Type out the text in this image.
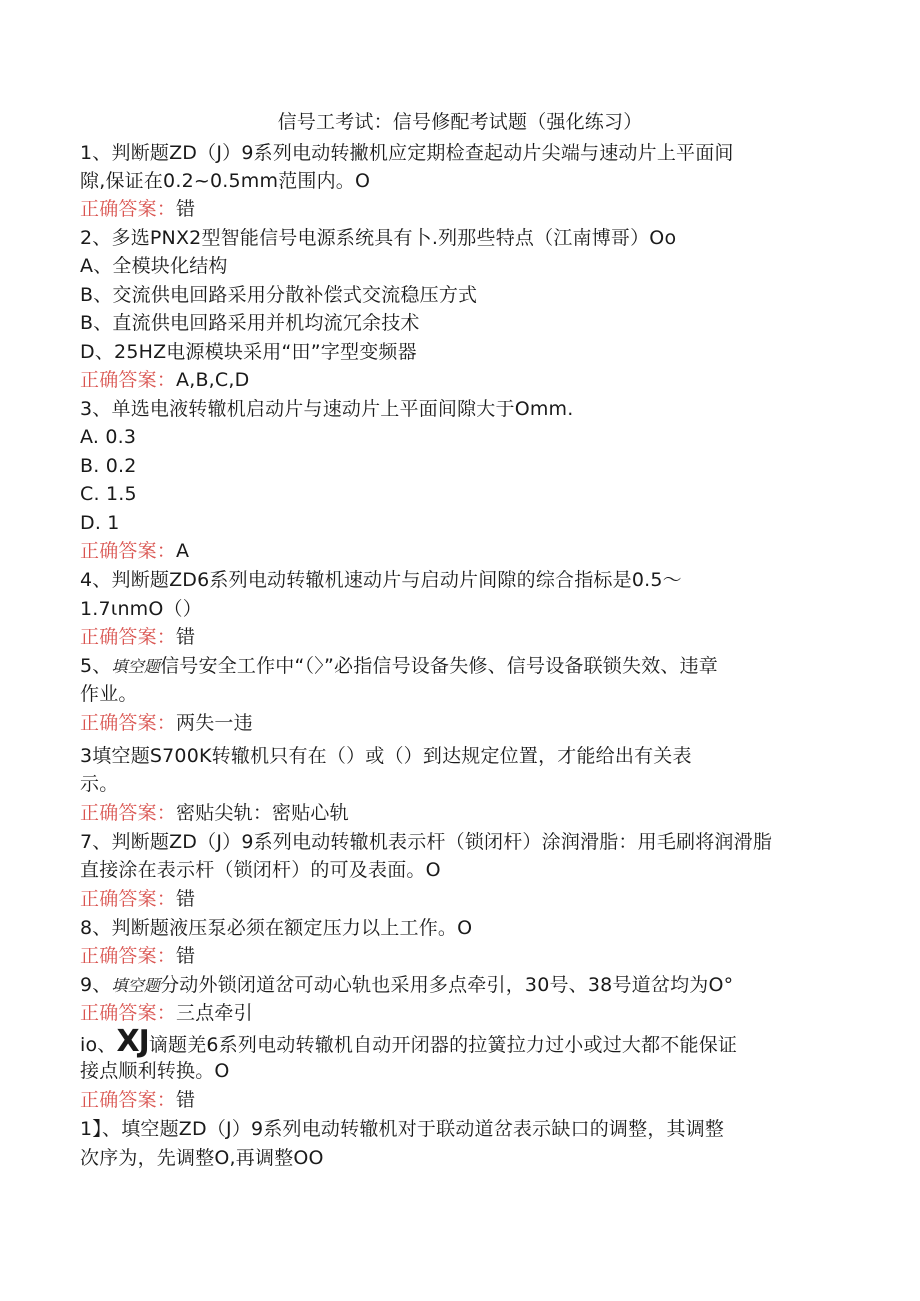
信号工考试：信号修配考试题（强化练习）
1、判断题ZD（J）9系列电动转撇机应定期检查起动片尖端与速动片上平面间
隙,保证在0.2~0.5mm范围内。O
正确答案：错
2、多选PNX2型智能信号电源系统具有卜.列那些特点（江南博哥）Oo
A、全模块化结构
B、交流供电回路采用分散补偿式交流稳压方式
B、直流供电回路采用并机均流冗余技术
D、25HZ电源模块采用“田”字型变频器
正确答案：A,B,C,D
3、单选电液转辙机启动片与速动片上平面间隙大于Omm.
A. 0.3
B. 0.2
C. 1.5
D. 1
正确答案：A
4、判断题ZD6系列电动转辙机速动片与启动片间隙的综合指标是0.5〜
1.7ιnmO（）
正确答案：错
5、填空题信号安全工作中“（〉”必指信号设备失修、信号设备联锁失效、违章
作业。
正确答案：两失一违
3填空题S700K转辙机只有在（）或（）到达规定位置，才能给出有关表
示。
正确答案：密贴尖轨：密贴心轨
7、判断题ZD（J）9系列电动转辙机表示杆（锁闭杆）涂润滑脂：用毛刷将润滑脂
直接涂在表示杆（锁闭杆）的可及表面。O
正确答案：错
8、判断题液压泵必须在额定压力以上工作。O
正确答案：错
9、填空题分动外锁闭道岔可动心轨也采用多点牵引，30号、38号道岔均为O°
正确答案：三点牵引
io、XJ谪题羌6系列电动转辙机自动开闭器的拉簧拉力过小或过大都不能保证
接点顺利转换。O
正确答案：错
1】、填空题ZD（J）9系列电动转辙机对于联动道岔表示缺口的调整，其调整
次序为，先调整O,再调整OO
